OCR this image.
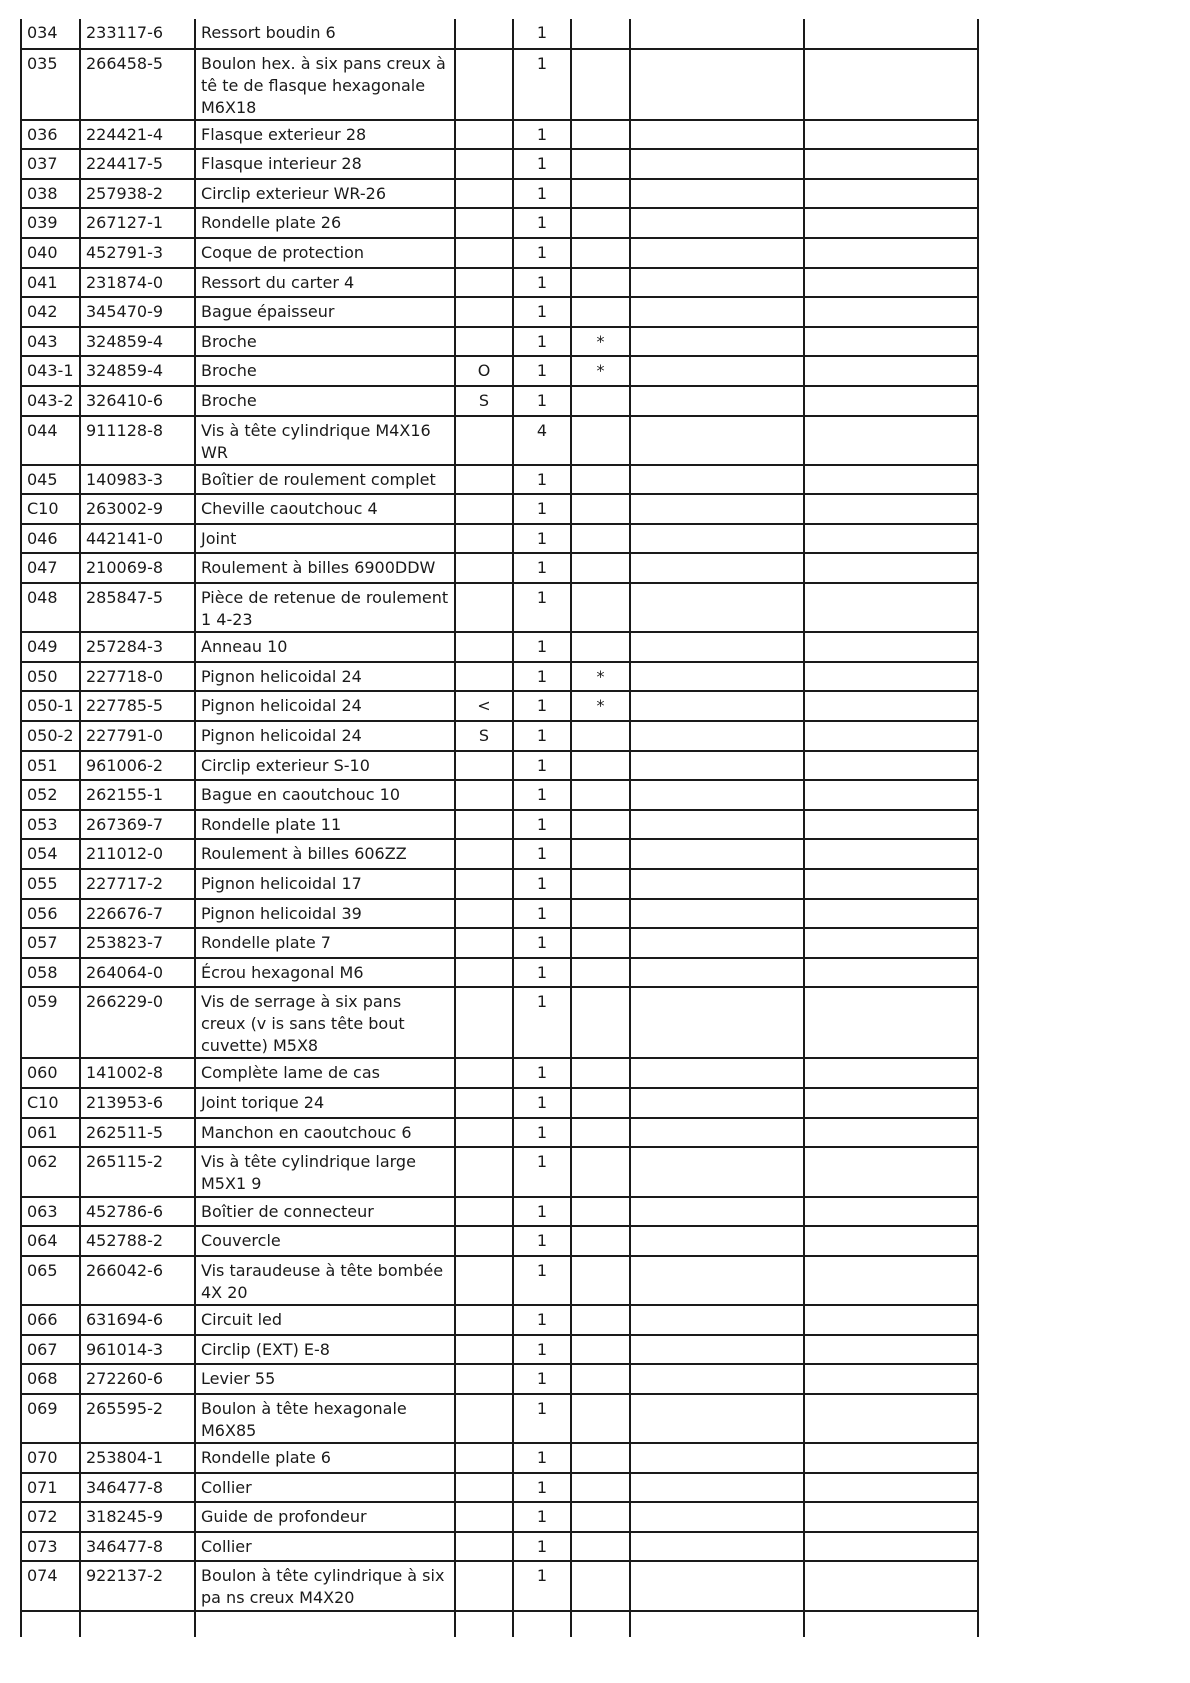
034	233117-6	Ressort boudin 6		1			
035	266458-5	Boulon hex. à six pans creux à tê te de flasque hexagonale M6X18		1			
036	224421-4	Flasque exterieur 28		1			
037	224417-5	Flasque interieur 28		1			
038	257938-2	Circlip exterieur WR-26		1			
039	267127-1	Rondelle plate 26		1			
040	452791-3	Coque de protection		1			
041	231874-0	Ressort du carter 4		1			
042	345470-9	Bague épaisseur		1			
043	324859-4	Broche		1	*		
043-1	324859-4	Broche	O	1	*		
043-2	326410-6	Broche	S	1			
044	911128-8	Vis à tête cylindrique M4X16 WR		4			
045	140983-3	Boîtier de roulement complet		1			
C10	263002-9	Cheville caoutchouc 4		1			
046	442141-0	Joint		1			
047	210069-8	Roulement à billes 6900DDW		1			
048	285847-5	Pièce de retenue de roulement 1 4-23		1			
049	257284-3	Anneau 10		1			
050	227718-0	Pignon helicoidal 24		1	*		
050-1	227785-5	Pignon helicoidal 24	<	1	*		
050-2	227791-0	Pignon helicoidal 24	S	1			
051	961006-2	Circlip exterieur S-10		1			
052	262155-1	Bague en caoutchouc 10		1			
053	267369-7	Rondelle plate 11		1			
054	211012-0	Roulement à billes 606ZZ		1			
055	227717-2	Pignon helicoidal 17		1			
056	226676-7	Pignon helicoidal 39		1			
057	253823-7	Rondelle plate 7		1			
058	264064-0	Écrou hexagonal M6		1			
059	266229-0	Vis de serrage à six pans creux (v is sans tête bout cuvette) M5X8		1			
060	141002-8	Complète lame de cas		1			
C10	213953-6	Joint torique 24		1			
061	262511-5	Manchon en caoutchouc 6		1			
062	265115-2	Vis à tête cylindrique large M5X1 9		1			
063	452786-6	Boîtier de connecteur		1			
064	452788-2	Couvercle		1			
065	266042-6	Vis taraudeuse à tête bombée 4X 20		1			
066	631694-6	Circuit led		1			
067	961014-3	Circlip (EXT) E-8		1			
068	272260-6	Levier 55		1			
069	265595-2	Boulon à tête hexagonale M6X85		1			
070	253804-1	Rondelle plate 6		1			
071	346477-8	Collier		1			
072	318245-9	Guide de profondeur		1			
073	346477-8	Collier		1			
074	922137-2	Boulon à tête cylindrique à six pa ns creux M4X20		1			
